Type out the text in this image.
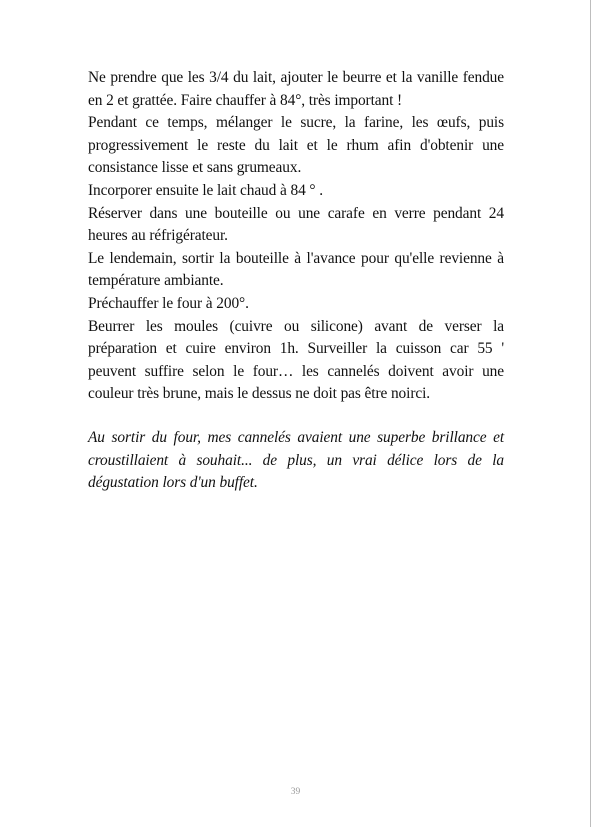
Ne prendre que les 3/4 du lait, ajouter le beurre et la vanille fendue en 2 et grattée. Faire chauffer à 84°, très important !

Pendant ce temps, mélanger le sucre, la farine, les œufs, puis progressivement le reste du lait et le rhum afin d'obtenir une consistance lisse et sans grumeaux.

Incorporer ensuite le lait chaud à 84 ° .

Réserver dans une bouteille ou une carafe en verre pendant 24 heures au réfrigérateur.

Le lendemain, sortir la bouteille à l'avance pour qu'elle revienne à température ambiante.

Préchauffer le four à 200°.

Beurrer les moules (cuivre ou silicone) avant de verser la préparation et cuire environ 1h. Surveiller la cuisson car 55 ' peuvent suffire selon le four… les cannelés doivent avoir une couleur très brune, mais le dessus ne doit pas être noirci.

Au sortir du four, mes cannelés avaient une superbe brillance et croustillaient à souhait... de plus, un vrai délice lors de la dégustation lors d'un buffet.

39
